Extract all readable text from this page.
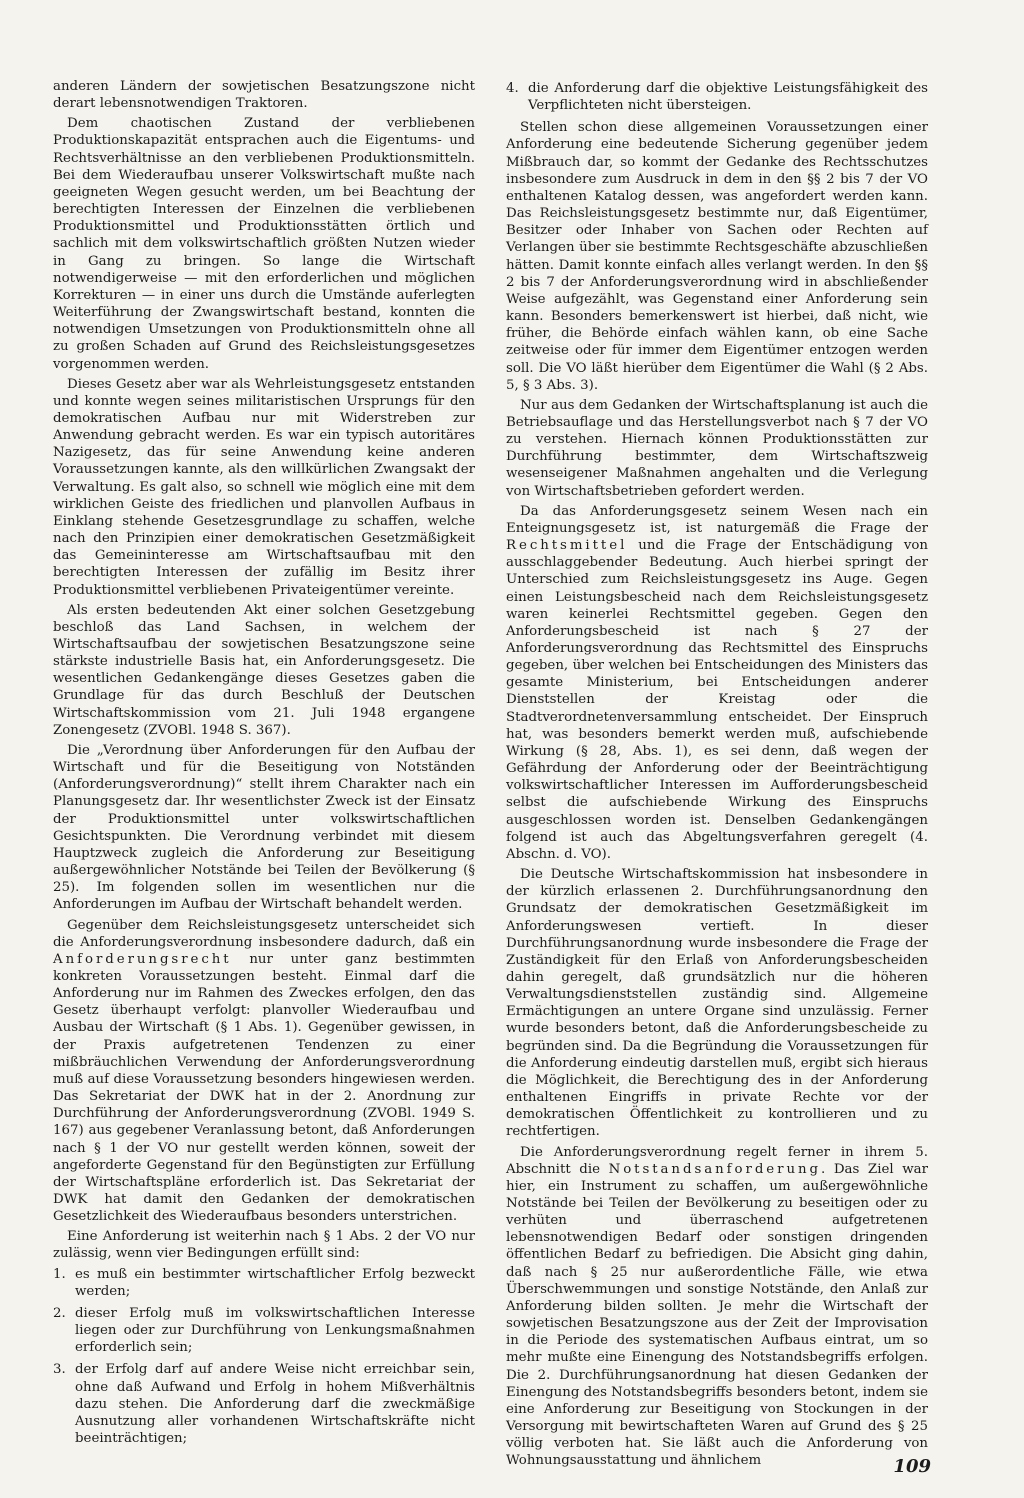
anderen Ländern der sowjetischen Besatzungszone nicht derart lebensnotwendigen Traktoren.

Dem chaotischen Zustand der verbliebenen Produktionskapazität entsprachen auch die Eigentums- und Rechtsverhältnisse an den verbliebenen Produktionsmitteln. Bei dem Wiederaufbau unserer Volkswirtschaft mußte nach geeigneten Wegen gesucht werden, um bei Beachtung der berechtigten Interessen der Einzelnen die verbliebenen Produktionsmittel und Produktionsstätten örtlich und sachlich mit dem volkswirtschaftlich größten Nutzen wieder in Gang zu bringen. So lange die Wirtschaft notwendigerweise — mit den erforderlichen und möglichen Korrekturen — in einer uns durch die Umstände auferlegten Weiterführung der Zwangswirtschaft bestand, konnten die notwendigen Umsetzungen von Produktionsmitteln ohne all zu großen Schaden auf Grund des Reichsleistungsgesetzes vorgenommen werden.

Dieses Gesetz aber war als Wehrleistungsgesetz entstanden und konnte wegen seines militaristischen Ursprungs für den demokratischen Aufbau nur mit Widerstreben zur Anwendung gebracht werden. Es war ein typisch autoritäres Nazigesetz, das für seine Anwendung keine anderen Voraussetzungen kannte, als den willkürlichen Zwangsakt der Verwaltung. Es galt also, so schnell wie möglich eine mit dem wirklichen Geiste des friedlichen und planvollen Aufbaus in Einklang stehende Gesetzesgrundlage zu schaffen, welche nach den Prinzipien einer demokratischen Gesetzmäßigkeit das Gemeininteresse am Wirtschaftsaufbau mit den berechtigten Interessen der zufällig im Besitz ihrer Produktionsmittel verbliebenen Privateigentümer vereinte.

Als ersten bedeutenden Akt einer solchen Gesetzgebung beschloß das Land Sachsen, in welchem der Wirtschaftsaufbau der sowjetischen Besatzungszone seine stärkste industrielle Basis hat, ein Anforderungsgesetz. Die wesentlichen Gedankengänge dieses Gesetzes gaben die Grundlage für das durch Beschluß der Deutschen Wirtschaftskommission vom 21. Juli 1948 ergangene Zonengesetz (ZVOBl. 1948 S. 367).

Die „Verordnung über Anforderungen für den Aufbau der Wirtschaft und für die Beseitigung von Notständen (Anforderungsverordnung)“ stellt ihrem Charakter nach ein Planungsgesetz dar. Ihr wesentlichster Zweck ist der Einsatz der Produktionsmittel unter volkswirtschaftlichen Gesichtspunkten. Die Verordnung verbindet mit diesem Hauptzweck zugleich die Anforderung zur Beseitigung außergewöhnlicher Notstände bei Teilen der Bevölkerung (§ 25). Im folgenden sollen im wesentlichen nur die Anforderungen im Aufbau der Wirtschaft behandelt werden.

Gegenüber dem Reichsleistungsgesetz unterscheidet sich die Anforderungsverordnung insbesondere dadurch, daß ein Anforderungsrecht nur unter ganz bestimmten konkreten Voraussetzungen besteht. Einmal darf die Anforderung nur im Rahmen des Zweckes erfolgen, den das Gesetz überhaupt verfolgt: planvoller Wiederaufbau und Ausbau der Wirtschaft (§ 1 Abs. 1). Gegenüber gewissen, in der Praxis aufgetretenen Tendenzen zu einer mißbräuchlichen Verwendung der Anforderungsverordnung muß auf diese Voraussetzung besonders hingewiesen werden. Das Sekretariat der DWK hat in der 2. Anordnung zur Durchführung der Anforderungsverordnung (ZVOBl. 1949 S. 167) aus gegebener Veranlassung betont, daß Anforderungen nach § 1 der VO nur gestellt werden können, soweit der angeforderte Gegenstand für den Begünstigten zur Erfüllung der Wirtschaftspläne erforderlich ist. Das Sekretariat der DWK hat damit den Gedanken der demokratischen Gesetzlichkeit des Wiederaufbaus besonders unterstrichen.

Eine Anforderung ist weiterhin nach § 1 Abs. 2 der VO nur zulässig, wenn vier Bedingungen erfüllt sind:

1. es muß ein bestimmter wirtschaftlicher Erfolg bezweckt werden;
2. dieser Erfolg muß im volkswirtschaftlichen Interesse liegen oder zur Durchführung von Lenkungsmaßnahmen erforderlich sein;
3. der Erfolg darf auf andere Weise nicht erreichbar sein, ohne daß Aufwand und Erfolg in hohem Mißverhältnis dazu stehen. Die Anforderung darf die zweckmäßige Ausnutzung aller vorhandenen Wirtschaftskräfte nicht beeinträchtigen;
4. die Anforderung darf die objektive Leistungsfähigkeit des Verpflichteten nicht übersteigen.

Stellen schon diese allgemeinen Voraussetzungen einer Anforderung eine bedeutende Sicherung gegenüber jedem Mißbrauch dar, so kommt der Gedanke des Rechtsschutzes insbesondere zum Ausdruck in dem in den §§ 2 bis 7 der VO enthaltenen Katalog dessen, was angefordert werden kann. Das Reichsleistungsgesetz bestimmte nur, daß Eigentümer, Besitzer oder Inhaber von Sachen oder Rechten auf Verlangen über sie bestimmte Rechtsgeschäfte abzuschließen hätten. Damit konnte einfach alles verlangt werden. In den §§ 2 bis 7 der Anforderungsverordnung wird in abschließender Weise aufgezählt, was Gegenstand einer Anforderung sein kann. Besonders bemerkenswert ist hierbei, daß nicht, wie früher, die Behörde einfach wählen kann, ob eine Sache zeitweise oder für immer dem Eigentümer entzogen werden soll. Die VO läßt hierüber dem Eigentümer die Wahl (§ 2 Abs. 5, § 3 Abs. 3).

Nur aus dem Gedanken der Wirtschaftsplanung ist auch die Betriebsauflage und das Herstellungsverbot nach § 7 der VO zu verstehen. Hiernach können Produktionsstätten zur Durchführung bestimmter, dem Wirtschaftszweig wesenseigener Maßnahmen angehalten und die Verlegung von Wirtschaftsbetrieben gefordert werden.

Da das Anforderungsgesetz seinem Wesen nach ein Enteignungsgesetz ist, ist naturgemäß die Frage der Rechtsmittel und die Frage der Entschädigung von ausschlaggebender Bedeutung. Auch hierbei springt der Unterschied zum Reichsleistungsgesetz ins Auge. Gegen einen Leistungsbescheid nach dem Reichsleistungsgesetz waren keinerlei Rechtsmittel gegeben. Gegen den Anforderungsbescheid ist nach § 27 der Anforderungsverordnung das Rechtsmittel des Einspruchs gegeben, über welchen bei Entscheidungen des Ministers das gesamte Ministerium, bei Entscheidungen anderer Dienststellen der Kreistag oder die Stadtverordnetenversammlung entscheidet. Der Einspruch hat, was besonders bemerkt werden muß, aufschiebende Wirkung (§ 28, Abs. 1), es sei denn, daß wegen der Gefährdung der Anforderung oder der Beeinträchtigung volkswirtschaftlicher Interessen im Aufforderungsbescheid selbst die aufschiebende Wirkung des Einspruchs ausgeschlossen worden ist. Denselben Gedankengängen folgend ist auch das Abgeltungsverfahren geregelt (4. Abschn. d. VO).

Die Deutsche Wirtschaftskommission hat insbesondere in der kürzlich erlassenen 2. Durchführungsanordnung den Grundsatz der demokratischen Gesetzmäßigkeit im Anforderungswesen vertieft. In dieser Durchführungsanordnung wurde insbesondere die Frage der Zuständigkeit für den Erlaß von Anforderungsbescheiden dahin geregelt, daß grundsätzlich nur die höheren Verwaltungsdienststellen zuständig sind. Allgemeine Ermächtigungen an untere Organe sind unzulässig. Ferner wurde besonders betont, daß die Anforderungsbescheide zu begründen sind. Da die Begründung die Voraussetzungen für die Anforderung eindeutig darstellen muß, ergibt sich hieraus die Möglichkeit, die Berechtigung des in der Anforderung enthaltenen Eingriffs in private Rechte vor der demokratischen Öffentlichkeit zu kontrollieren und zu rechtfertigen.

Die Anforderungsverordnung regelt ferner in ihrem 5. Abschnitt die Notstandsanforderung. Das Ziel war hier, ein Instrument zu schaffen, um außergewöhnliche Notstände bei Teilen der Bevölkerung zu beseitigen oder zu verhüten und überraschend aufgetretenen lebensnotwendigen Bedarf oder sonstigen dringenden öffentlichen Bedarf zu befriedigen. Die Absicht ging dahin, daß nach § 25 nur außerordentliche Fälle, wie etwa Überschwemmungen und sonstige Notstände, den Anlaß zur Anforderung bilden sollten. Je mehr die Wirtschaft der sowjetischen Besatzungszone aus der Zeit der Improvisation in die Periode des systematischen Aufbaus eintrat, um so mehr mußte eine Einengung des Notstandsbegriffs erfolgen. Die 2. Durchführungsanordnung hat diesen Gedanken der Einengung des Notstandsbegriffs besonders betont, indem sie eine Anforderung zur Beseitigung von Stockungen in der Versorgung mit bewirtschafteten Waren auf Grund des § 25 völlig verboten hat. Sie läßt auch die Anforderung von Wohnungsausstattung und ähnlichem	109
